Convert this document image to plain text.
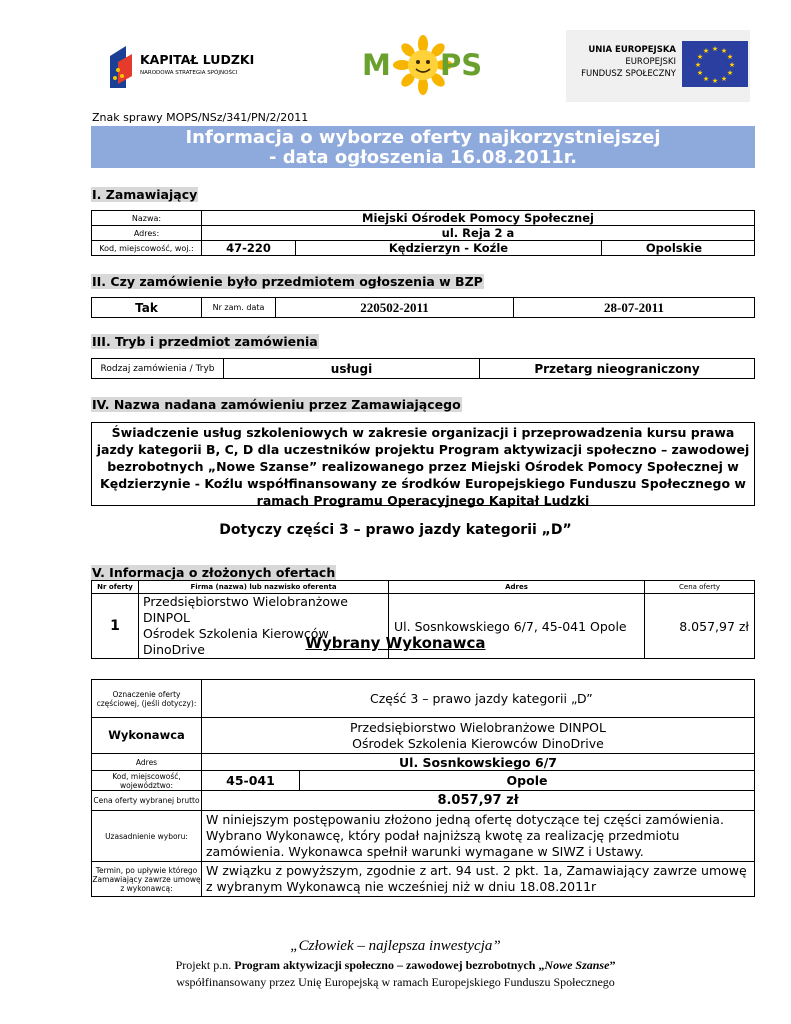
KAPITAŁ LUDZKI
NARODOWA STRATEGIA SPÓJNOŚCI	M PS	UNIA EUROPEJSKA
EUROPEJSKI
FUNDUSZ SPOŁECZNY
★ ★
★
★
★
★
★
★
★
★
★
★
Znak sprawy MOPS/NSz/341/PN/2/2011
Informacja o wyborze oferty najkorzystniejszej
- data ogłoszenia 16.08.2011r.
I. Zamawiający
Nazwa:	Miejski Ośrodek Pomocy Społecznej		
Adres:	ul. Reja 2 a		
Kod, miejscowość, woj.:	47-220	Kędzierzyn - Koźle	Opolskie
II. Czy zamówienie było przedmiotem ogłoszenia w BZP
Tak	Nr zam. data	220502-2011	28-07-2011
III. Tryb i przedmiot zamówienia
Rodzaj zamówienia / Tryb	usługi	Przetarg nieograniczony
IV. Nazwa nadana zamówieniu przez Zamawiającego
Świadczenie usług szkoleniowych w zakresie organizacji i przeprowadzenia kursu prawa jazdy kategorii B, C, D dla uczestników projektu Program aktywizacji społeczno – zawodowej bezrobotnych „Nowe Szanse” realizowanego przez Miejski Ośrodek Pomocy Społecznej w Kędzierzynie - Koźlu współfinansowany ze środków Europejskiego Funduszu Społecznego w ramach Programu Operacyjnego Kapitał Ludzki
Dotyczy części 3 – prawo jazdy kategorii „D”
V. Informacja o złożonych ofertach
Nr oferty	Firma (nazwa) lub nazwisko oferenta	Adres	Cena oferty
1	Przedsiębiorstwo Wielobranżowe DINPOL
Ośrodek Szkolenia Kierowców DinoDrive	Ul. Sosnkowskiego 6/7, 45-041 Opole	8.057,97 zł
Wybrany Wykonawca
Oznaczenie oferty częściowej, (jeśli dotyczy):	Część 3 – prawo jazdy kategorii „D”	
Wykonawca	Przedsiębiorstwo Wielobranżowe DINPOL
Ośrodek Szkolenia Kierowców DinoDrive	

Adres	Ul. Sosnkowskiego 6/7	
Kod, miejscowość, województwo:	45-041	Opole
Cena oferty wybranej brutto	8.057,97 zł	
Uzasadnienie wyboru:	W niniejszym postępowaniu złożono jedną ofertę dotyczące tej części zamówienia. Wybrano Wykonawcę, który podał najniższą kwotę za realizację przedmiotu zamówienia. Wykonawca spełnił warunki wymagane w SIWZ i Ustawy.	
Termin, po upływie którego Zamawiający zawrze umowę z wykonawcą:	W związku z powyższym, zgodnie z art. 94 ust. 2 pkt. 1a, Zamawiający zawrze umowę z wybranym Wykonawcą nie wcześniej niż w dniu 18.08.2011r	
„Człowiek – najlepsza inwestycja”
Projekt p.n. Program aktywizacji społeczno – zawodowej bezrobotnych „Nowe Szanse”
współfinansowany przez Unię Europejską w ramach Europejskiego Funduszu Społecznego
